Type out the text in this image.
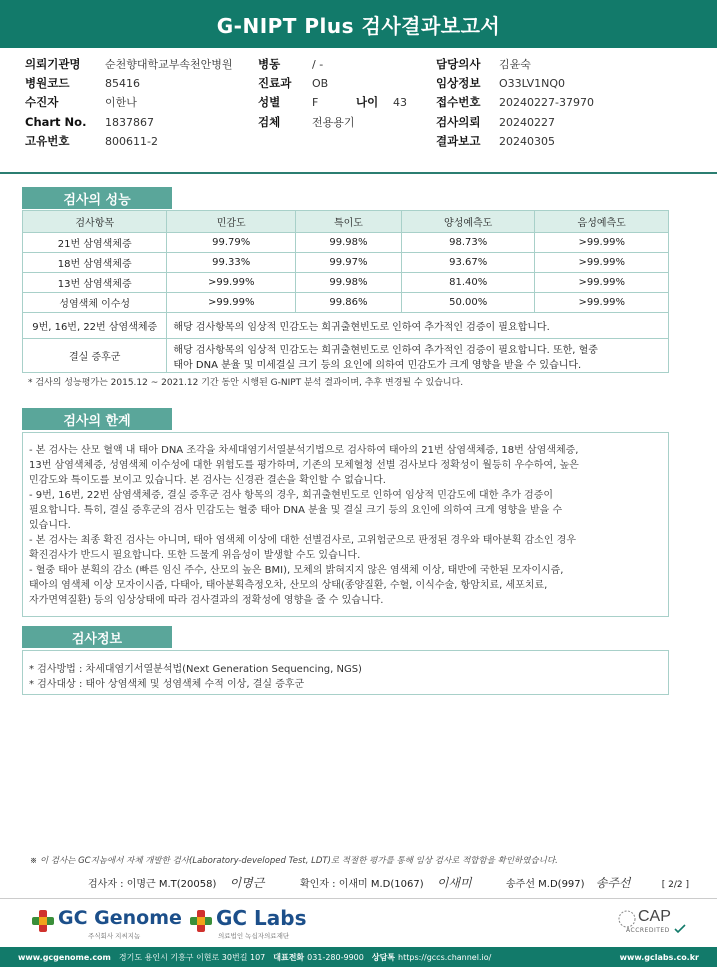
G-NIPT Plus 검사결과보고서
의뢰기관명 순천향대학교부속천안병원
병원코드	85416
수진자	이한나
Chart No. 1837867
고유번호	800611-2
병동	/ -
진료과 OB
성별	F	나이 43
검체	전용용기
담당의사 김윤숙
임상정보 O33LV1NQ0
접수번호 20240227-37970
검사의뢰 20240227
결과보고 20240305
검사의 성능
검사항목	민감도	특이도	양성예측도	음성예측도
21번 삼염색체증	99.79%	99.98%	98.73%	>99.99%
18번 삼염색체증	99.33%	99.97%	93.67%	>99.99%
13번 삼염색체증	>99.99%	99.98%	81.40%	>99.99%
성염색체 이수성	>99.99%	99.86%	50.00%	>99.99%
9번, 16번, 22번 삼염색체증	해당 검사항목의 임상적 민감도는 희귀출현빈도로 인하여 추가적인 검증이 필요합니다.			
결실 증후군	해당 검사항목의 임상적 민감도는 희귀출현빈도로 인하여 추가적인 검증이 필요합니다. 또한, 혈중
태아 DNA 분율 및 미세결실 크기 등의 요인에 의하여 민감도가 크게 영향을 받을 수 있습니다.			
* 검사의 성능평가는 2015.12 ~ 2021.12 기간 동안 시행된 G-NIPT 분석 결과이며, 추후 변경될 수 있습니다.
검사의 한계

- 본 검사는 산모 혈액 내 태아 DNA 조각을 차세대염기서열분석기법으로 검사하여 태아의 21번 삼염색체증, 18번 삼염색체증,

13번 삼염색체증, 성염색체 이수성에 대한 위험도를 평가하며, 기존의 모체혈청 선별 검사보다 정확성이 월등히 우수하여, 높은

민감도와 특이도를 보이고 있습니다. 본 검사는 신경관 결손을 확인할 수 없습니다.

- 9번, 16번, 22번 삼염색체증, 결실 증후군 검사 항목의 경우, 희귀출현빈도로 인하여 임상적 민감도에 대한 추가 검증이

필요합니다. 특히, 결실 증후군의 검사 민감도는 혈중 태아 DNA 분율 및 결실 크기 등의 요인에 의하여 크게 영향을 받을 수

있습니다.

- 본 검사는 최종 확진 검사는 아니며, 태아 염색체 이상에 대한 선별검사로, 고위험군으로 판정된 경우와 태아분획 감소인 경우

확진검사가 반드시 필요합니다. 또한 드물게 위음성이 발생할 수도 있습니다.

- 혈중 태아 분획의 감소 (빠른 임신 주수, 산모의 높은 BMI), 모체의 밝혀지지 않은 염색체 이상, 태반에 국한된 모자이시즘,

태아의 염색체 이상 모자이시즘, 다태아, 태아분획측정오차, 산모의 상태(종양질환, 수혈, 이식수술, 항암치료, 세포치료,

자가면역질환) 등의 임상상태에 따라 검사결과의 정확성에 영향을 줄 수 있습니다.

검사정보

* 검사방법 : 차세대염기서열분석법(Next Generation Sequencing, NGS)

* 검사대상 : 태아 상염색체 및 성염색체 수적 이상, 결실 증후군

※ 이 검사는 GC지놈에서 자체 개발한 검사(Laboratory-developed Test, LDT)로 적절한 평가를 통해 임상 검사로 적합함을 확인하였습니다.
검사자 : 이명근 M.T(20058) 이명근	확인자 : 이새미 M.D(1067) 이새미	송주선 M.D(997) 송주선	[ 2/2 ]
GC Genome
주식회사 지씨지놈
GC Labs
의료법인 녹십자의료재단
CAP
ACCREDITED
www.gcgenome.com 경기도 용인시 기흥구 이현로 30번길 107 대표전화 031-280-9900 상담톡 https://gccs.channel.io/	www.gclabs.co.kr
